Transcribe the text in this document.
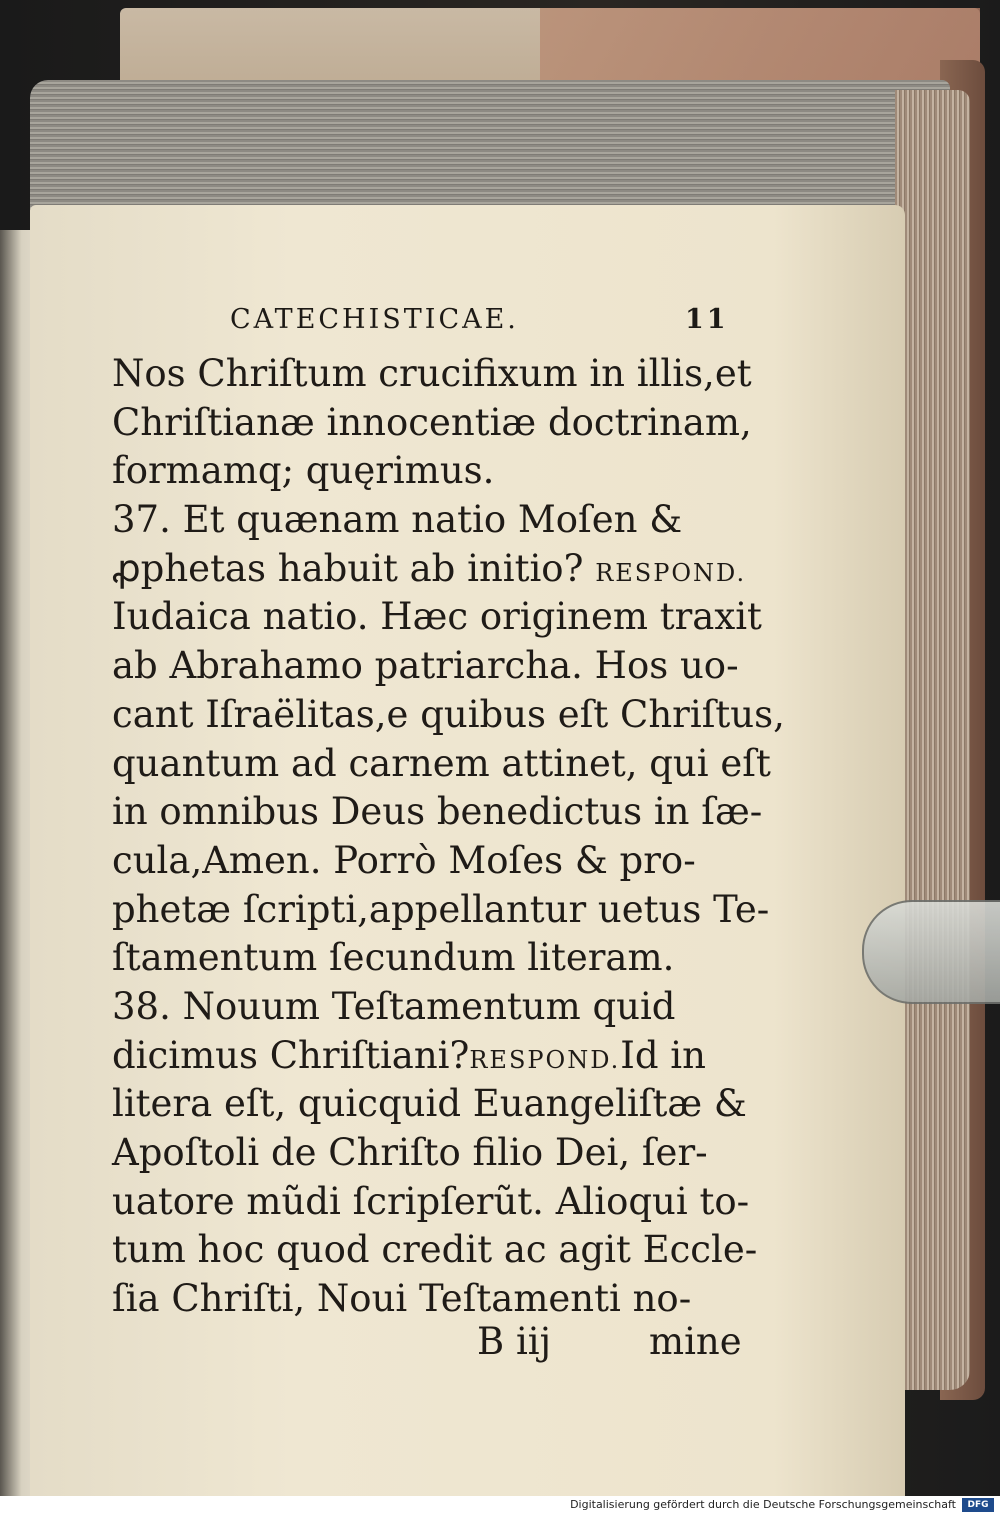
CATECHISTICAE.	11
Nos Chriſtum crucifixum in illis,et
Chriſtianæ innocentiæ doctrinam,
formamq; quęrimus.
37. Et quænam natio Moſen &
ꝓphetas habuit ab initio? RESPOND.
Iudaica natio. Hæc originem traxit
ab Abrahamo patriarcha. Hos uo-
cant Iſraëlitas,e quibus eſt Chriſtus,
quantum ad carnem attinet, qui eſt
in omnibus Deus benedictus in ſæ-
cula,Amen. Porrò Moſes & pro-
phetæ ſcripti,appellantur uetus Te-
ſtamentum ſecundum literam.
38. Nouum Teſtamentum quid
dicimus Chriſtiani?RESPOND.Id in
litera eſt, quicquid Euangeliſtæ &
Apoſtoli de Chriſto filio Dei, ſer-
uatore mũdi ſcripſerũt. Alioqui to-
tum hoc quod credit ac agit Eccle-
ſia Chriſti, Noui Teſtamenti no-
B iij	mine
Digitalisierung gefördert durch die Deutsche Forschungsgemeinschaft	DFG
